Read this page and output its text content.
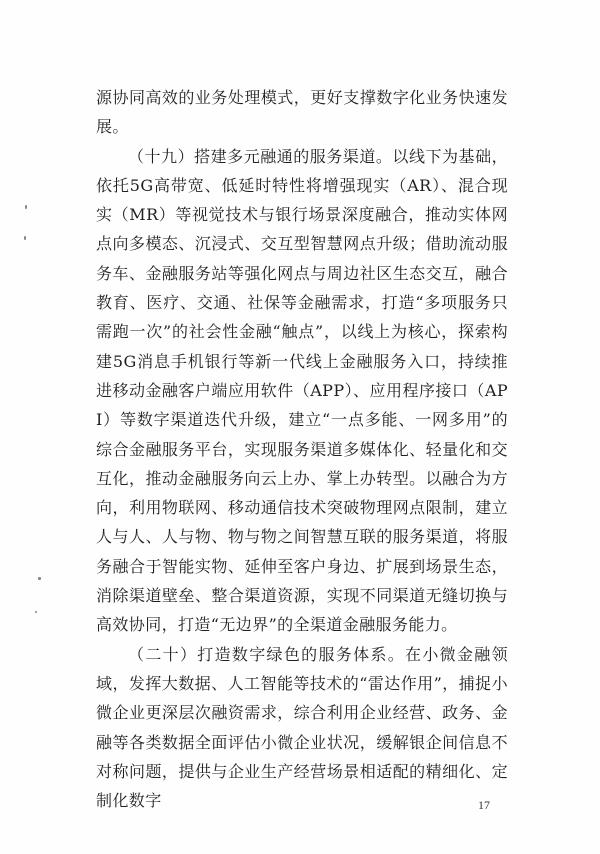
源协同高效的业务处理模式，更好支撑数字化业务快速发展。

（十九）搭建多元融通的服务渠道。以线下为基础，依托5G高带宽、低延时特性将增强现实（AR）、混合现实（MR）等视觉技术与银行场景深度融合，推动实体网点向多模态、沉浸式、交互型智慧网点升级；借助流动服务车、金融服务站等强化网点与周边社区生态交互，融合教育、医疗、交通、社保等金融需求，打造“多项服务只需跑一次”的社会性金融“触点”，以线上为核心，探索构建5G消息手机银行等新一代线上金融服务入口，持续推进移动金融客户端应用软件（APP）、应用程序接口（API）等数字渠道迭代升级，建立“一点多能、一网多用”的综合金融服务平台，实现服务渠道多媒体化、轻量化和交互化，推动金融服务向云上办、掌上办转型。以融合为方向，利用物联网、移动通信技术突破物理网点限制，建立人与人、人与物、物与物之间智慧互联的服务渠道，将服务融合于智能实物、延伸至客户身边、扩展到场景生态，消除渠道壁垒、整合渠道资源，实现不同渠道无缝切换与高效协同，打造“无边界”的全渠道金融服务能力。

（二十）打造数字绿色的服务体系。在小微金融领域，发挥大数据、人工智能等技术的“雷达作用”，捕捉小微企业更深层次融资需求，综合利用企业经营、政务、金融等各类数据全面评估小微企业状况，缓解银企间信息不对称问题，提供与企业生产经营场景相适配的精细化、定制化数字	17
